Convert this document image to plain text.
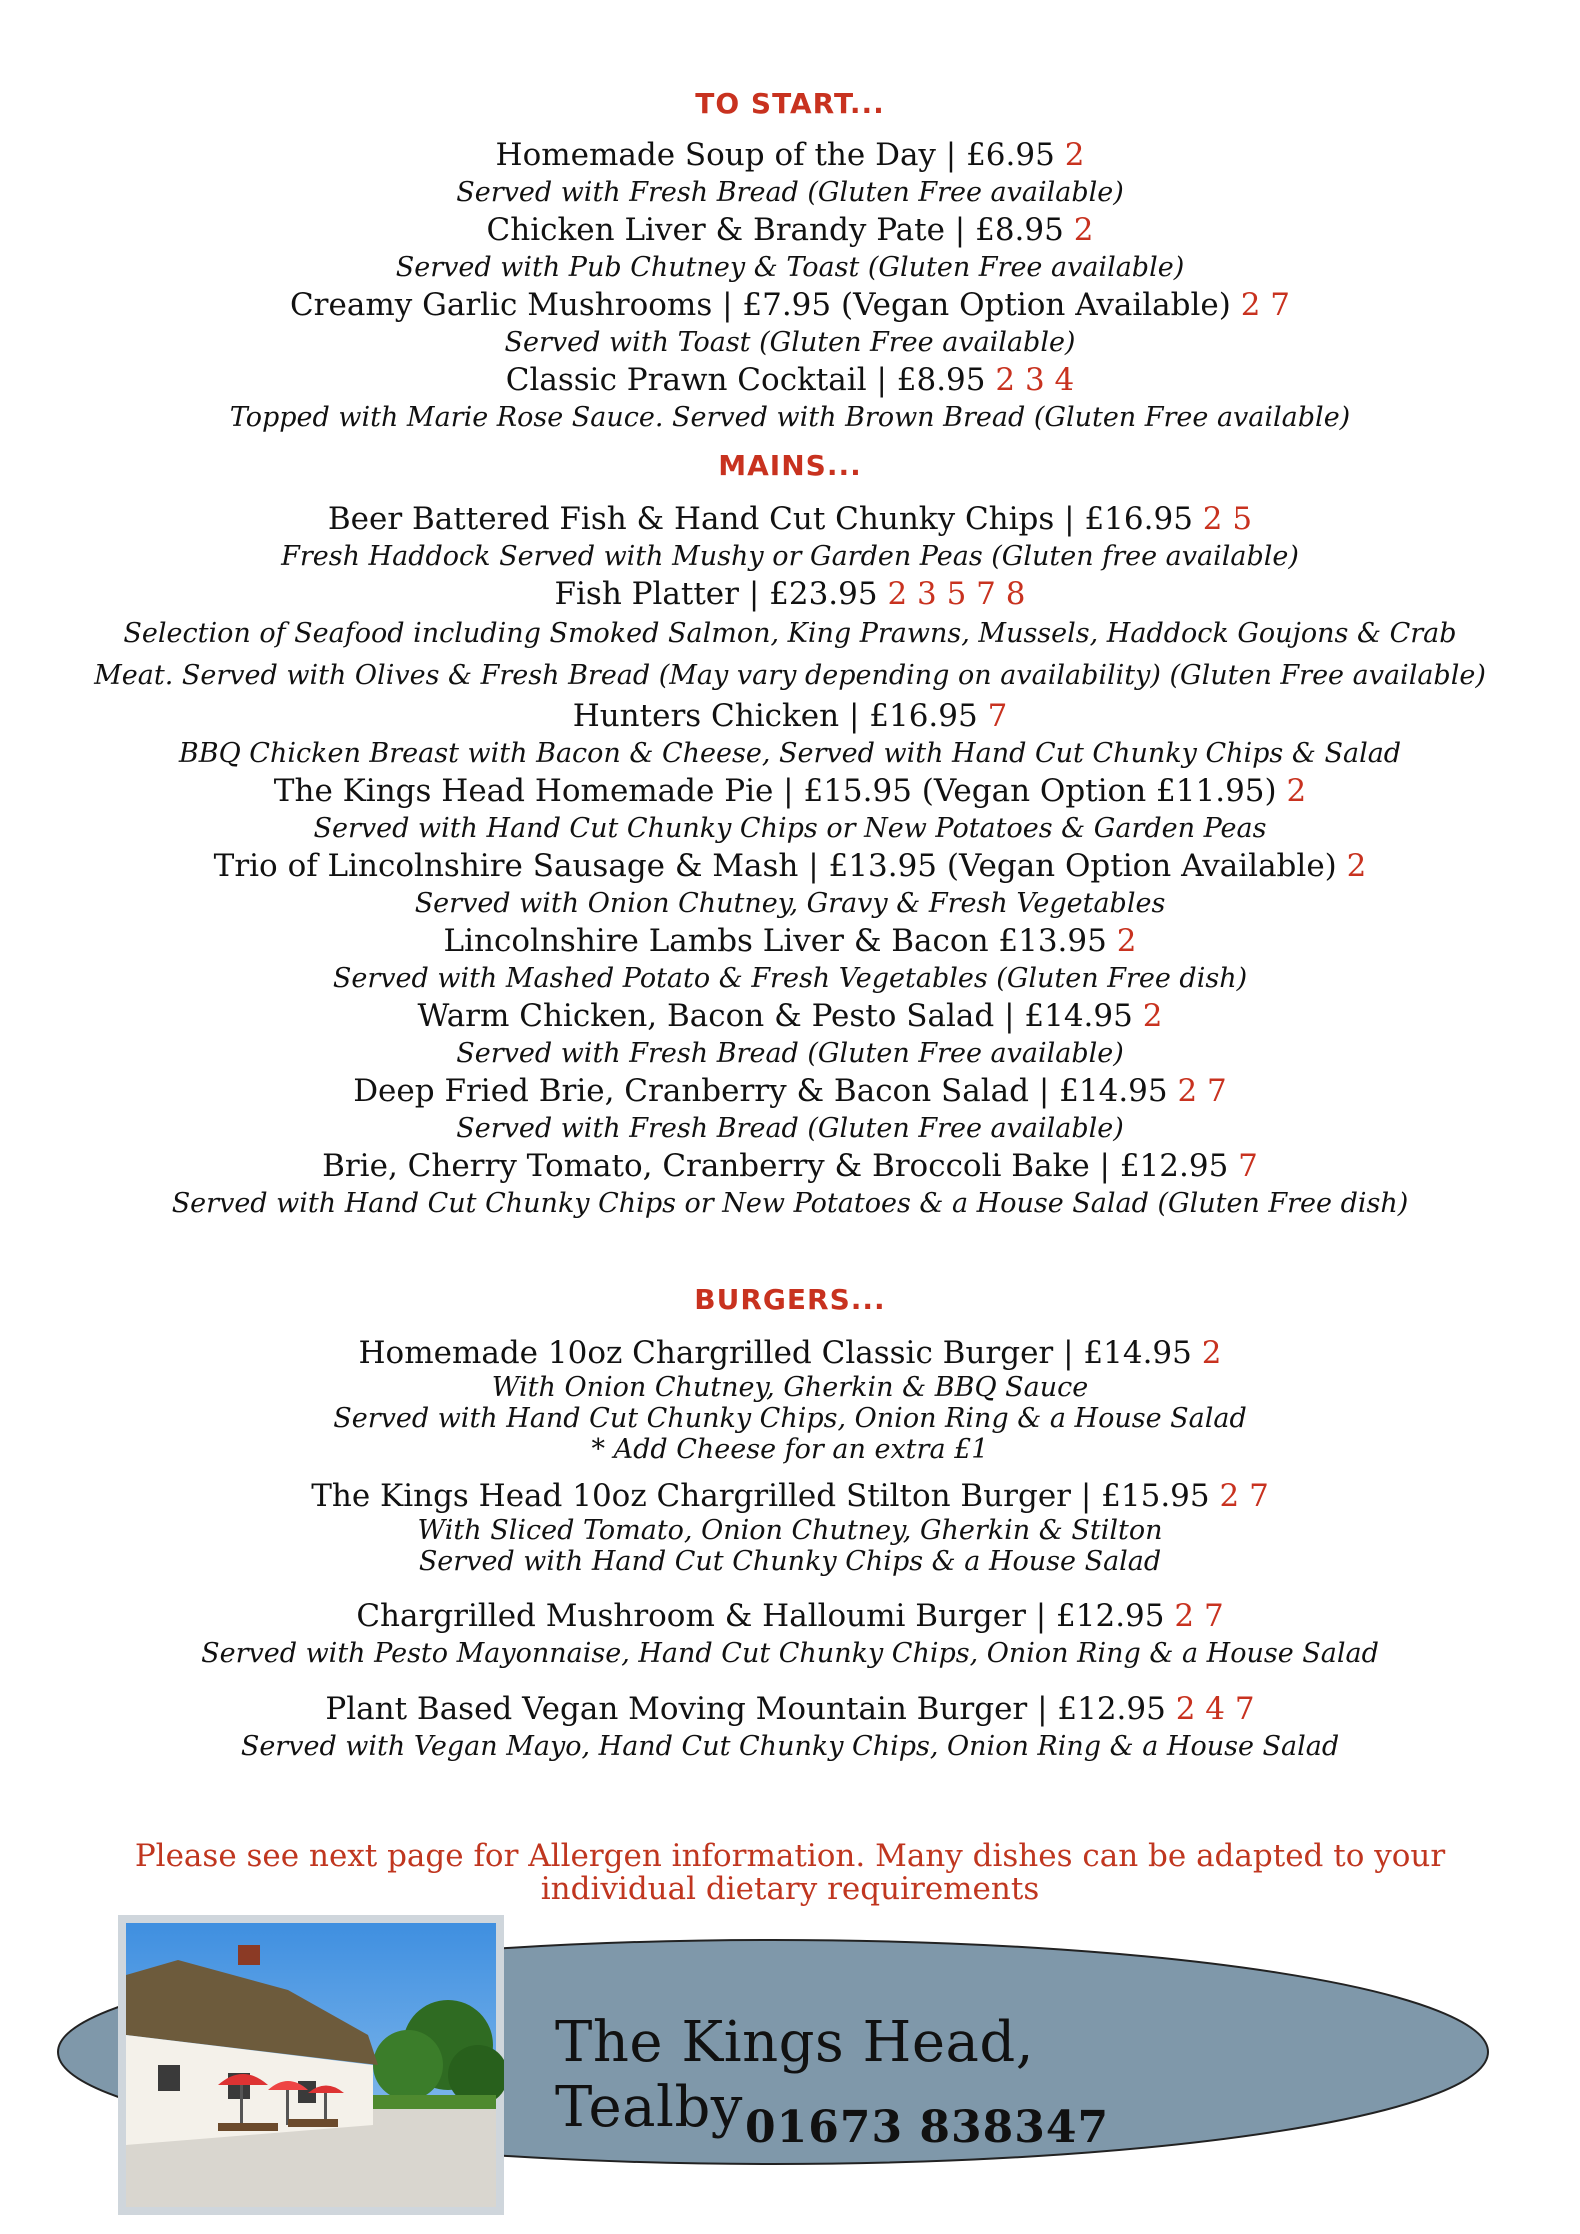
TO START...

Homemade Soup of the Day | £6.95 2
Served with Fresh Bread (Gluten Free available)
Chicken Liver & Brandy Pate | £8.95 2
Served with Pub Chutney & Toast (Gluten Free available)
Creamy Garlic Mushrooms | £7.95 (Vegan Option Available) 2 7
Served with Toast (Gluten Free available)
Classic Prawn Cocktail | £8.95 2 3 4
Topped with Marie Rose Sauce. Served with Brown Bread (Gluten Free available)

MAINS...

Beer Battered Fish & Hand Cut Chunky Chips | £16.95 2 5
Fresh Haddock Served with Mushy or Garden Peas (Gluten free available)
Fish Platter | £23.95 2 3 5 7 8
Selection of Seafood including Smoked Salmon, King Prawns, Mussels, Haddock Goujons & Crab
Meat. Served with Olives & Fresh Bread (May vary depending on availability) (Gluten Free available)
Hunters Chicken | £16.95 7
BBQ Chicken Breast with Bacon & Cheese, Served with Hand Cut Chunky Chips & Salad
The Kings Head Homemade Pie | £15.95 (Vegan Option £11.95) 2
Served with Hand Cut Chunky Chips or New Potatoes & Garden Peas
Trio of Lincolnshire Sausage & Mash | £13.95 (Vegan Option Available) 2
Served with Onion Chutney, Gravy & Fresh Vegetables
Lincolnshire Lambs Liver & Bacon £13.95 2
Served with Mashed Potato & Fresh Vegetables (Gluten Free dish)
Warm Chicken, Bacon & Pesto Salad | £14.95 2
Served with Fresh Bread (Gluten Free available)
Deep Fried Brie, Cranberry & Bacon Salad | £14.95 2 7
Served with Fresh Bread (Gluten Free available)
Brie, Cherry Tomato, Cranberry & Broccoli Bake | £12.95 7
Served with Hand Cut Chunky Chips or New Potatoes & a House Salad (Gluten Free dish)

BURGERS...

Homemade 10oz Chargrilled Classic Burger | £14.95 2
With Onion Chutney, Gherkin & BBQ Sauce
Served with Hand Cut Chunky Chips, Onion Ring & a House Salad
* Add Cheese for an extra £1
The Kings Head 10oz Chargrilled Stilton Burger | £15.95 2 7
With Sliced Tomato, Onion Chutney, Gherkin & Stilton
Served with Hand Cut Chunky Chips & a House Salad
Chargrilled Mushroom & Halloumi Burger | £12.95 2 7
Served with Pesto Mayonnaise, Hand Cut Chunky Chips, Onion Ring & a House Salad
Plant Based Vegan Moving Mountain Burger | £12.95 2 4 7
Served with Vegan Mayo, Hand Cut Chunky Chips, Onion Ring & a House Salad
Please see next page for Allergen information. Many dishes can be adapted to your
individual dietary requirements
The Kings Head, Tealby 01673 838347
